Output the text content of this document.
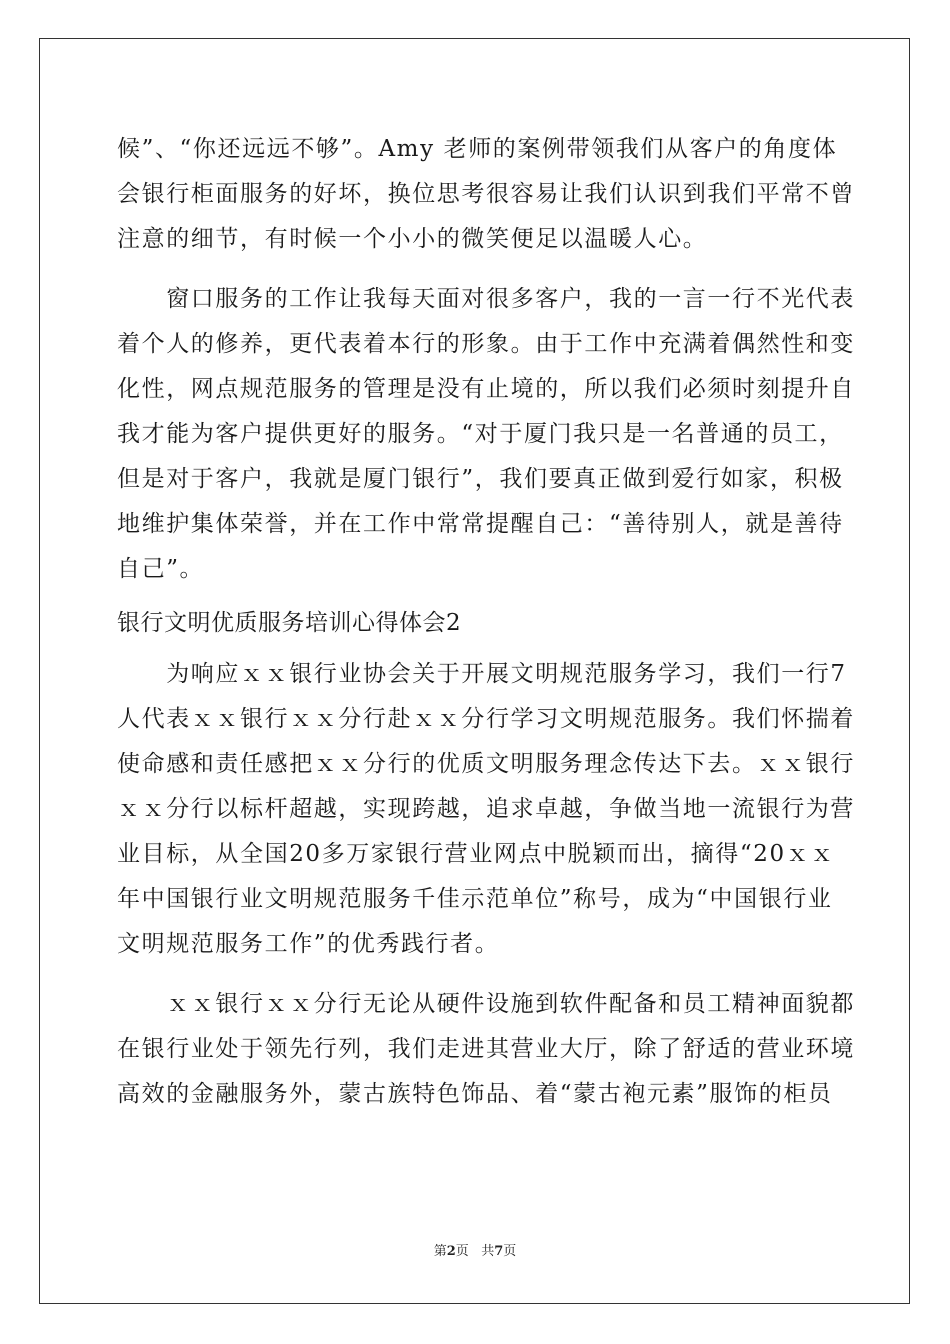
候”、“你还远远不够”。Amy 老师的案例带领我们从客户的角度体
会银行柜面服务的好坏，换位思考很容易让我们认识到我们平常不曾
注意的细节，有时候一个小小的微笑便足以温暖人心。
　　窗口服务的工作让我每天面对很多客户，我的一言一行不光代表
着个人的修养，更代表着本行的形象。由于工作中充满着偶然性和变
化性，网点规范服务的管理是没有止境的，所以我们必须时刻提升自
我才能为客户提供更好的服务。“对于厦门我只是一名普通的员工，
但是对于客户，我就是厦门银行”，我们要真正做到爱行如家，积极
地维护集体荣誉，并在工作中常常提醒自己：“善待别人，就是善待
自己”。
银行文明优质服务培训心得体会2
　　为响应ｘｘ银行业协会关于开展文明规范服务学习，我们一行7
人代表ｘｘ银行ｘｘ分行赴ｘｘ分行学习文明规范服务。我们怀揣着
使命感和责任感把ｘｘ分行的优质文明服务理念传达下去。ｘｘ银行
ｘｘ分行以标杆超越，实现跨越，追求卓越，争做当地一流银行为营
业目标，从全国20多万家银行营业网点中脱颖而出，摘得“20ｘｘ
年中国银行业文明规范服务千佳示范单位”称号，成为“中国银行业
文明规范服务工作”的优秀践行者。
　　ｘｘ银行ｘｘ分行无论从硬件设施到软件配备和员工精神面貌都
在银行业处于领先行列，我们走进其营业大厅，除了舒适的营业环境
高效的金融服务外，蒙古族特色饰品、着“蒙古袍元素”服饰的柜员
第2页 共7页
